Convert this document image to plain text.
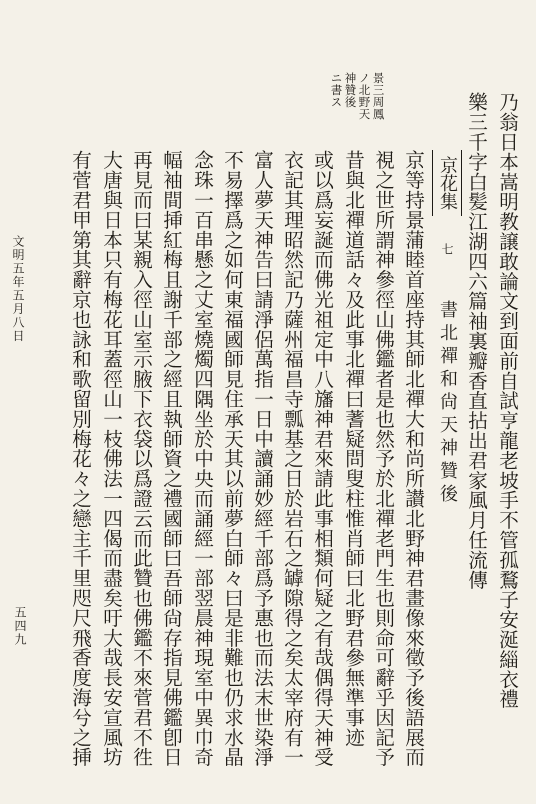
景三周鳳
ノ北野天
神贊後
ニ書ス
乃翁日本嵩明教譲敢論文到面前自試亨龍老坡手不管孤鶩子安涎緇衣禮
樂三千字白髪江湖四六篇袖裏瓣香直拈出君家風月任流傳
京花集 七 書北禪和尙天神贊後
京等持景蒲睦首座持其師北禪大和尚所讃北野神君畫像來徵予後語展而
視之世所謂神參徑山佛鑑者是也然予於北禪老門生也則命可辭乎因記予
昔與北禪道話々及此事北禪曰蓍疑問叟柱惟肖師曰北野君參無準事迹
或以爲妄誕而佛光祖定中八旛神君來請此事相類何疑之有哉偶得天神受
衣記其理昭然記乃薩州福昌寺瓢基之日於岩石之罅隙得之矣太宰府有一
富人夢天神告曰請淨侶萬指一日中讀誦妙經千部爲予惠也而法末世染淨
不易擇爲之如何東福國師見住承天其以前夢白師々曰是非難也仍求水晶
念珠一百串懸之丈室燒燭四隅坐於中央而誦經一部翌晨神現室中異巾奇
幅袖間挿紅梅且謝千部之經且執師資之禮國師曰吾師尙存指見佛鑑卽日
再見而曰某親入徑山室示腋下衣袋以爲證云而此贊也佛鑑不來菅君不徃
大唐與日本只有梅花耳蓋徑山一枝佛法一四偈而盡矣吁大哉長安宣風坊
有菅君甲第其辭京也詠和歌留別梅花々之戀主千里咫尺飛香度海兮之挿
文明五年五月八日
五四九
